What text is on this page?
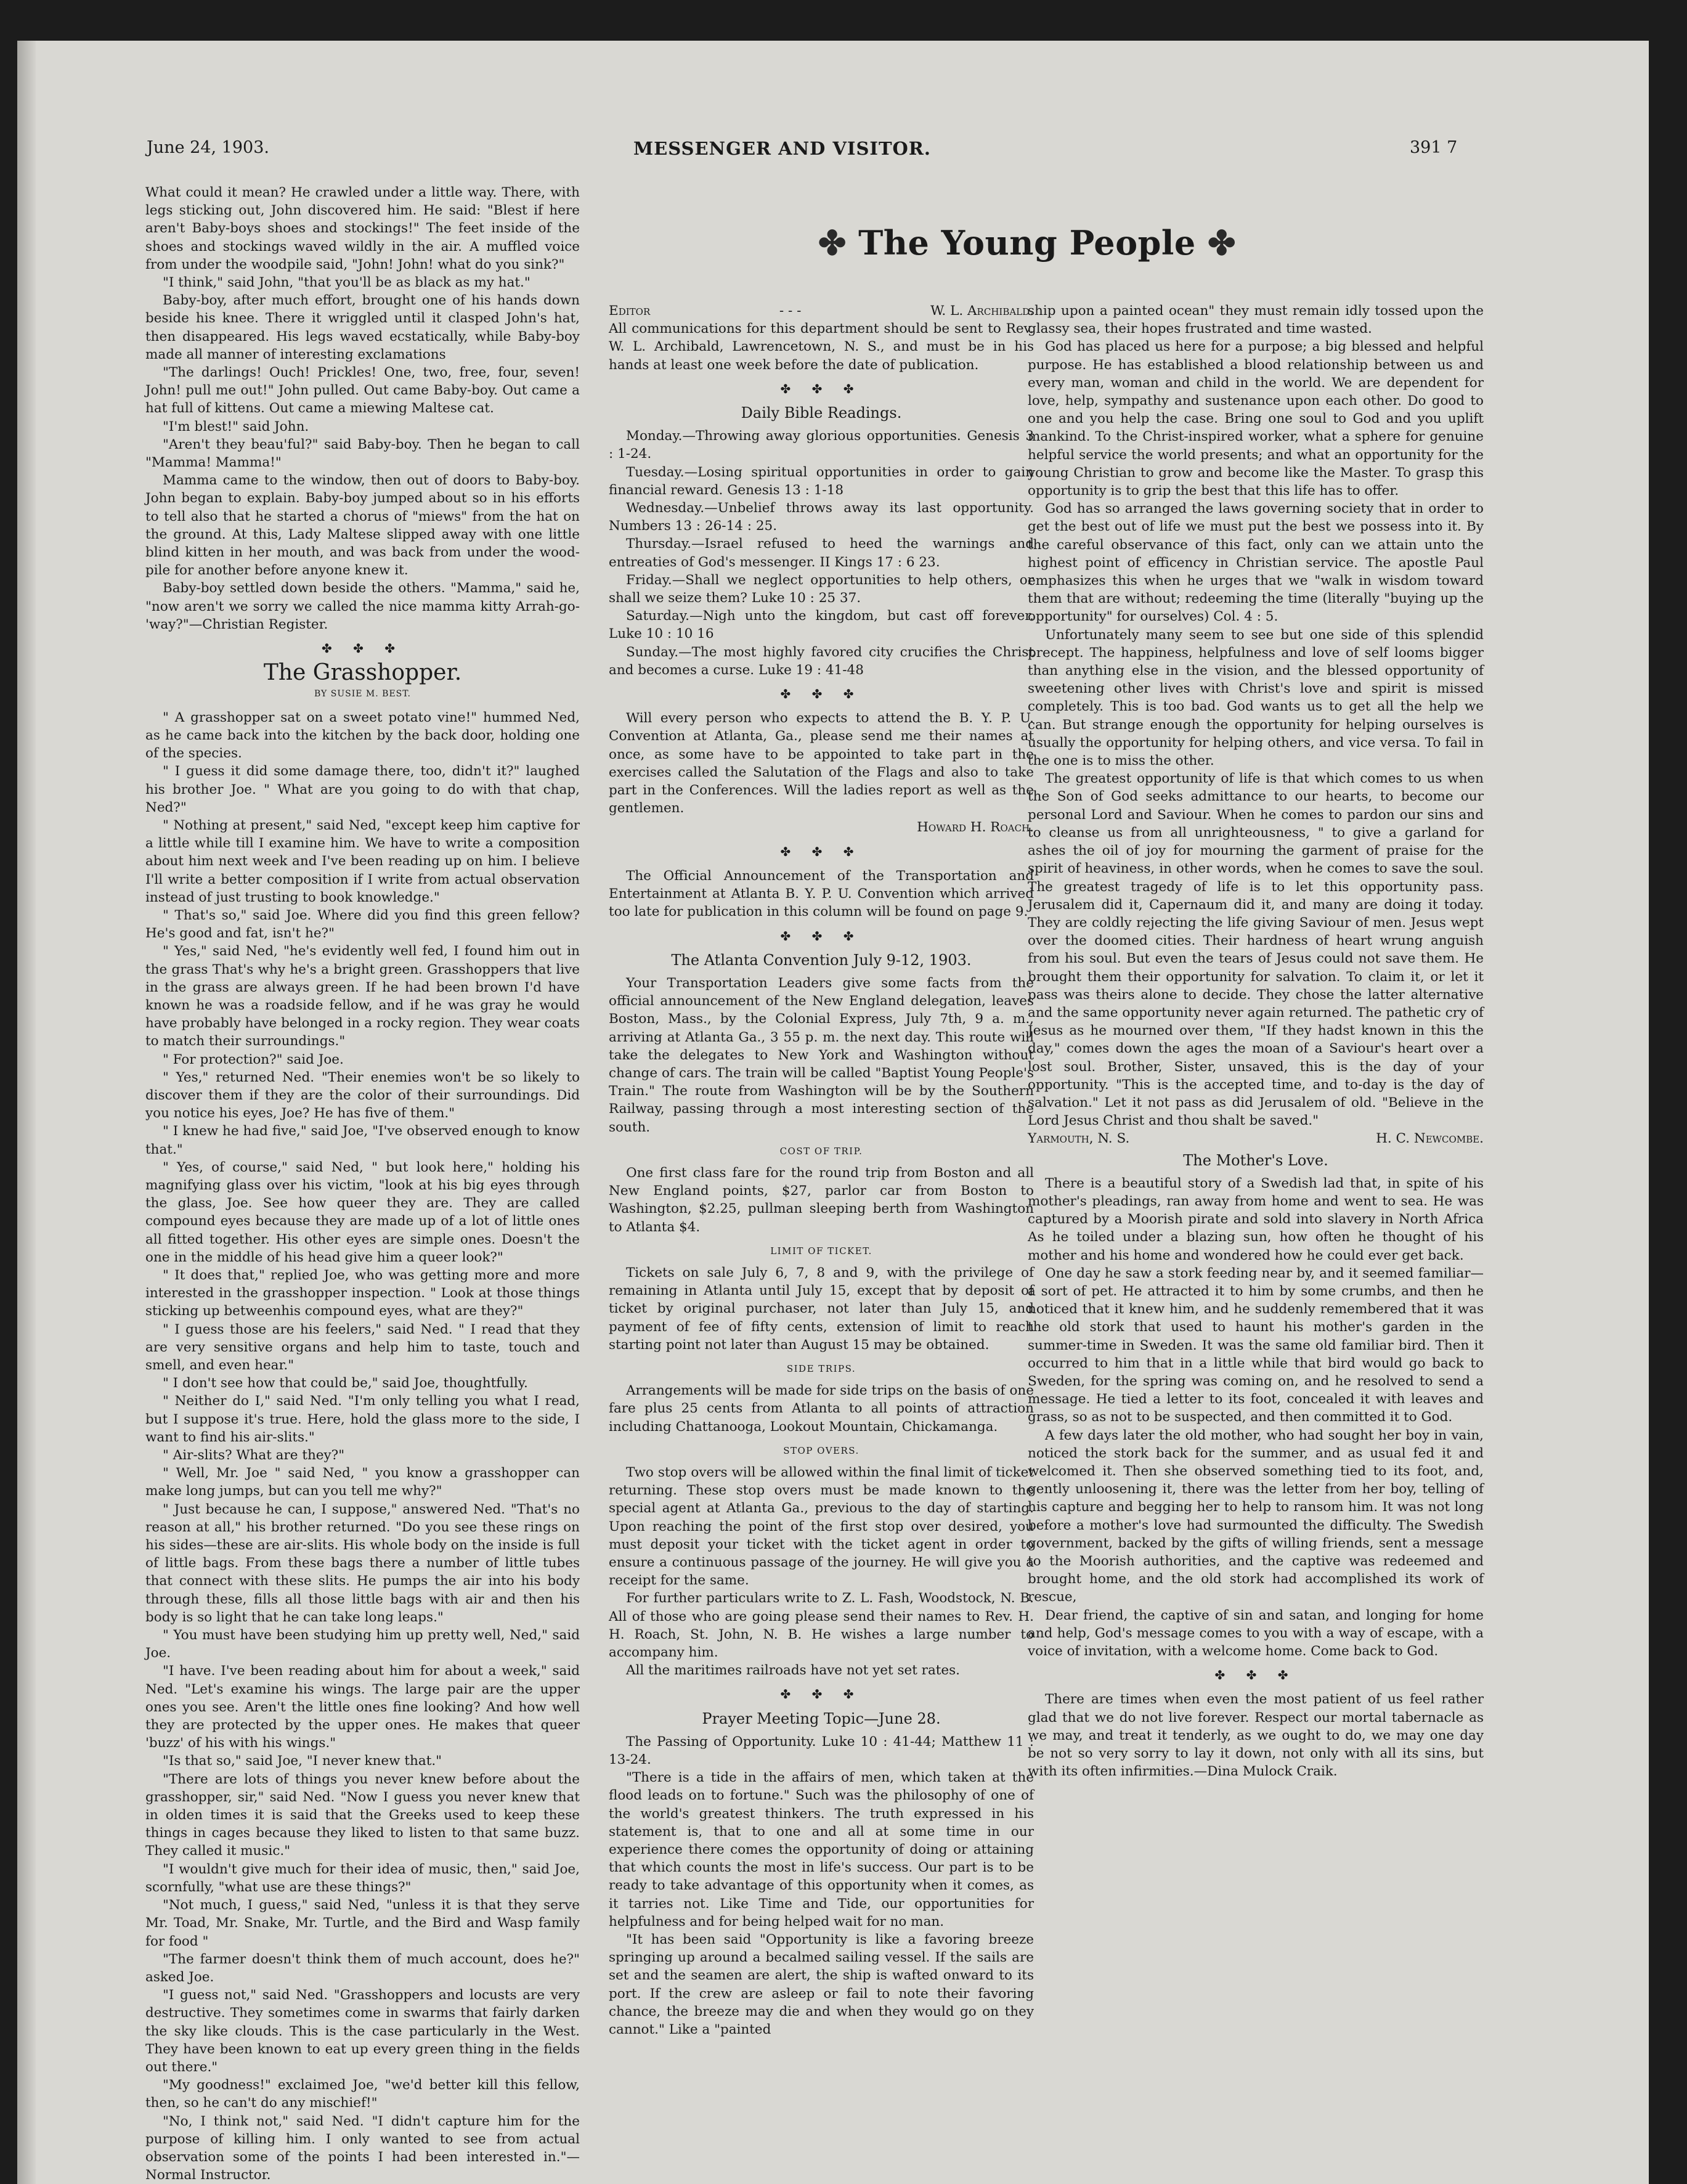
June 24, 1903.	MESSENGER AND VISITOR.	391 7
✤ The Young People ✤

What could it mean? He crawled under a little way. There, with legs sticking out, John discovered him. He said: "Blest if here aren't Baby-boys shoes and stockings!" The feet inside of the shoes and stockings waved wildly in the air. A muffled voice from under the woodpile said, "John! John! what do you sink?"

"I think," said John, "that you'll be as black as my hat."

Baby-boy, after much effort, brought one of his hands down beside his knee. There it wriggled until it clasped John's hat, then disappeared. His legs waved ecstatically, while Baby-boy made all manner of interesting exclamations

"The darlings! Ouch! Prickles! One, two, free, four, seven! John! pull me out!" John pulled. Out came Baby-boy. Out came a hat full of kittens. Out came a miewing Maltese cat.

"I'm blest!" said John.

"Aren't they beau'ful?" said Baby-boy. Then he began to call "Mamma! Mamma!"

Mamma came to the window, then out of doors to Baby-boy. John began to explain. Baby-boy jumped about so in his efforts to tell also that he started a chorus of "miews" from the hat on the ground. At this, Lady Maltese slipped away with one little blind kitten in her mouth, and was back from under the wood-pile for another before anyone knew it.

Baby-boy settled down beside the others. "Mamma," said he, "now aren't we sorry we called the nice mamma kitty Arrah-go-'way?"—Christian Register.

✤ ✤ ✤
The Grasshopper.
BY SUSIE M. BEST.

" A grasshopper sat on a sweet potato vine!" hummed Ned, as he came back into the kitchen by the back door, holding one of the species.

" I guess it did some damage there, too, didn't it?" laughed his brother Joe. " What are you going to do with that chap, Ned?"

" Nothing at present," said Ned, "except keep him captive for a little while till I examine him. We have to write a composition about him next week and I've been reading up on him. I believe I'll write a better composition if I write from actual observation instead of just trusting to book knowledge."

" That's so," said Joe. Where did you find this green fellow? He's good and fat, isn't he?"

" Yes," said Ned, "he's evidently well fed, I found him out in the grass That's why he's a bright green. Grasshoppers that live in the grass are always green. If he had been brown I'd have known he was a roadside fellow, and if he was gray he would have probably have belonged in a rocky region. They wear coats to match their surroundings."

" For protection?" said Joe.

" Yes," returned Ned. "Their enemies won't be so likely to discover them if they are the color of their surroundings. Did you notice his eyes, Joe? He has five of them."

" I knew he had five," said Joe, "I've observed enough to know that."

" Yes, of course," said Ned, " but look here," holding his magnifying glass over his victim, "look at his big eyes through the glass, Joe. See how queer they are. They are called compound eyes because they are made up of a lot of little ones all fitted together. His other eyes are simple ones. Doesn't the one in the middle of his head give him a queer look?"

" It does that," replied Joe, who was getting more and more interested in the grasshopper inspection. " Look at those things sticking up betweenhis compound eyes, what are they?"

" I guess those are his feelers," said Ned. " I read that they are very sensitive organs and help him to taste, touch and smell, and even hear."

" I don't see how that could be," said Joe, thoughtfully.

" Neither do I," said Ned. "I'm only telling you what I read, but I suppose it's true. Here, hold the glass more to the side, I want to find his air-slits."

" Air-slits? What are they?"

" Well, Mr. Joe " said Ned, " you know a grasshopper can make long jumps, but can you tell me why?"

" Just because he can, I suppose," answered Ned. "That's no reason at all," his brother returned. "Do you see these rings on his sides—these are air-slits. His whole body on the inside is full of little bags. From these bags there a number of little tubes that connect with these slits. He pumps the air into his body through these, fills all those little bags with air and then his body is so light that he can take long leaps."

" You must have been studying him up pretty well, Ned," said Joe.

"I have. I've been reading about him for about a week," said Ned. "Let's examine his wings. The large pair are the upper ones you see. Aren't the little ones fine looking? And how well they are protected by the upper ones. He makes that queer 'buzz' of his with his wings."

"Is that so," said Joe, "I never knew that."

"There are lots of things you never knew before about the grasshopper, sir," said Ned. "Now I guess you never knew that in olden times it is said that the Greeks used to keep these things in cages because they liked to listen to that same buzz. They called it music."

"I wouldn't give much for their idea of music, then," said Joe, scornfully, "what use are these things?"

"Not much, I guess," said Ned, "unless it is that they serve Mr. Toad, Mr. Snake, Mr. Turtle, and the Bird and Wasp family for food "

"The farmer doesn't think them of much account, does he?" asked Joe.

"I guess not," said Ned. "Grasshoppers and locusts are very destructive. They sometimes come in swarms that fairly darken the sky like clouds. This is the case particularly in the West. They have been known to eat up every green thing in the fields out there."

"My goodness!" exclaimed Joe, "we'd better kill this fellow, then, so he can't do any mischief!"

"No, I think not," said Ned. "I didn't capture him for the purpose of killing him. I only wanted to see from actual observation some of the points I had been interested in."—Normal Instructor.

Editor	- - -	W. L. Archibald.

All communications for this department should be sent to Rev. W. L. Archibald, Lawrencetown, N. S., and must be in his hands at least one week before the date of publication.

✤ ✤ ✤
Daily Bible Readings.

Monday.—Throwing away glorious opportunities. Genesis 3 : 1-24.

Tuesday.—Losing spiritual opportunities in order to gain financial reward. Genesis 13 : 1-18

Wednesday.—Unbelief throws away its last opportunity. Numbers 13 : 26-14 : 25.

Thursday.—Israel refused to heed the warnings and entreaties of God's messenger. II Kings 17 : 6 23.

Friday.—Shall we neglect opportunities to help others, or shall we seize them? Luke 10 : 25 37.

Saturday.—Nigh unto the kingdom, but cast off forever. Luke 10 : 10 16

Sunday.—The most highly favored city crucifies the Christ and becomes a curse. Luke 19 : 41-48

✤ ✤ ✤

Will every person who expects to attend the B. Y. P. U. Convention at Atlanta, Ga., please send me their names at once, as some have to be appointed to take part in the exercises called the Salutation of the Flags and also to take part in the Conferences. Will the ladies report as well as the gentlemen.

Howard H. Roach.
✤ ✤ ✤

The Official Announcement of the Transportation and Entertainment at Atlanta B. Y. P. U. Convention which arrived too late for publication in this column will be found on page 9.

✤ ✤ ✤
The Atlanta Convention July 9-12, 1903.

Your Transportation Leaders give some facts from the official announcement of the New England delegation, leaves Boston, Mass., by the Colonial Express, July 7th, 9 a. m., arriving at Atlanta Ga., 3 55 p. m. the next day. This route will take the delegates to New York and Washington without change of cars. The train will be called "Baptist Young People's Train." The route from Washington will be by the Southern Railway, passing through a most interesting section of the south.

COST OF TRIP.

One first class fare for the round trip from Boston and all New England points, $27, parlor car from Boston to Washington, $2.25, pullman sleeping berth from Washington to Atlanta $4.

LIMIT OF TICKET.

Tickets on sale July 6, 7, 8 and 9, with the privilege of remaining in Atlanta until July 15, except that by deposit of ticket by original purchaser, not later than July 15, and payment of fee of fifty cents, extension of limit to reach starting point not later than August 15 may be obtained.

SIDE TRIPS.

Arrangements will be made for side trips on the basis of one fare plus 25 cents from Atlanta to all points of attraction including Chattanooga, Lookout Mountain, Chickamanga.

STOP OVERS.

Two stop overs will be allowed within the final limit of ticket returning. These stop overs must be made known to the special agent at Atlanta Ga., previous to the day of starting. Upon reaching the point of the first stop over desired, you must deposit your ticket with the ticket agent in order to ensure a continuous passage of the journey. He will give you a receipt for the same.

For further particulars write to Z. L. Fash, Woodstock, N. B. All of those who are going please send their names to Rev. H. H. Roach, St. John, N. B. He wishes a large number to accompany him.

All the maritimes railroads have not yet set rates.

✤ ✤ ✤
Prayer Meeting Topic—June 28.

The Passing of Opportunity. Luke 10 : 41-44; Matthew 11 : 13-24.

"There is a tide in the affairs of men, which taken at the flood leads on to fortune." Such was the philosophy of one of the world's greatest thinkers. The truth expressed in his statement is, that to one and all at some time in our experience there comes the opportunity of doing or attaining that which counts the most in life's success. Our part is to be ready to take advantage of this opportunity when it comes, as it tarries not. Like Time and Tide, our opportunities for helpfulness and for being helped wait for no man.

"It has been said "Opportunity is like a favoring breeze springing up around a becalmed sailing vessel. If the sails are set and the seamen are alert, the ship is wafted onward to its port. If the crew are asleep or fail to note their favoring chance, the breeze may die and when they would go on they cannot." Like a "painted

ship upon a painted ocean" they must remain idly tossed upon the glassy sea, their hopes frustrated and time wasted.

God has placed us here for a purpose; a big blessed and helpful purpose. He has established a blood relationship between us and every man, woman and child in the world. We are dependent for love, help, sympathy and sustenance upon each other. Do good to one and you help the case. Bring one soul to God and you uplift mankind. To the Christ-inspired worker, what a sphere for genuine helpful service the world presents; and what an opportunity for the young Christian to grow and become like the Master. To grasp this opportunity is to grip the best that this life has to offer.

God has so arranged the laws governing society that in order to get the best out of life we must put the best we possess into it. By the careful observance of this fact, only can we attain unto the highest point of efficency in Christian service. The apostle Paul emphasizes this when he urges that we "walk in wisdom toward them that are without; redeeming the time (literally "buying up the opportunity" for ourselves) Col. 4 : 5.

Unfortunately many seem to see but one side of this splendid precept. The happiness, helpfulness and love of self looms bigger than anything else in the vision, and the blessed opportunity of sweetening other lives with Christ's love and spirit is missed completely. This is too bad. God wants us to get all the help we can. But strange enough the opportunity for helping ourselves is usually the opportunity for helping others, and vice versa. To fail in the one is to miss the other.

The greatest opportunity of life is that which comes to us when the Son of God seeks admittance to our hearts, to become our personal Lord and Saviour. When he comes to pardon our sins and to cleanse us from all unrighteousness, " to give a garland for ashes the oil of joy for mourning the garment of praise for the spirit of heaviness, in other words, when he comes to save the soul. The greatest tragedy of life is to let this opportunity pass. Jerusalem did it, Capernaum did it, and many are doing it today. They are coldly rejecting the life giving Saviour of men. Jesus wept over the doomed cities. Their hardness of heart wrung anguish from his soul. But even the tears of Jesus could not save them. He brought them their opportunity for salvation. To claim it, or let it pass was theirs alone to decide. They chose the latter alternative and the same opportunity never again returned. The pathetic cry of Jesus as he mourned over them, "If they hadst known in this the day," comes down the ages the moan of a Saviour's heart over a lost soul. Brother, Sister, unsaved, this is the day of your opportunity. "This is the accepted time, and to-day is the day of salvation." Let it not pass as did Jerusalem of old. "Believe in the Lord Jesus Christ and thou shalt be saved."

Yarmouth, N. S.	H. C. Newcombe.
The Mother's Love.

There is a beautiful story of a Swedish lad that, in spite of his mother's pleadings, ran away from home and went to sea. He was captured by a Moorish pirate and sold into slavery in North Africa As he toiled under a blazing sun, how often he thought of his mother and his home and wondered how he could ever get back.

One day he saw a stork feeding near by, and it seemed familiar—a sort of pet. He attracted it to him by some crumbs, and then he noticed that it knew him, and he suddenly remembered that it was the old stork that used to haunt his mother's garden in the summer-time in Sweden. It was the same old familiar bird. Then it occurred to him that in a little while that bird would go back to Sweden, for the spring was coming on, and he resolved to send a message. He tied a letter to its foot, concealed it with leaves and grass, so as not to be suspected, and then committed it to God.

A few days later the old mother, who had sought her boy in vain, noticed the stork back for the summer, and as usual fed it and welcomed it. Then she observed something tied to its foot, and, gently unloosening it, there was the letter from her boy, telling of his capture and begging her to help to ransom him. It was not long before a mother's love had surmounted the difficulty. The Swedish government, backed by the gifts of willing friends, sent a message to the Moorish authorities, and the captive was redeemed and brought home, and the old stork had accomplished its work of rescue,

Dear friend, the captive of sin and satan, and longing for home and help, God's message comes to you with a way of escape, with a voice of invitation, with a welcome home. Come back to God.

✤ ✤ ✤

There are times when even the most patient of us feel rather glad that we do not live forever. Respect our mortal tabernacle as we may, and treat it tenderly, as we ought to do, we may one day be not so very sorry to lay it down, not only with all its sins, but with its often infirmities.—Dina Mulock Craik.
